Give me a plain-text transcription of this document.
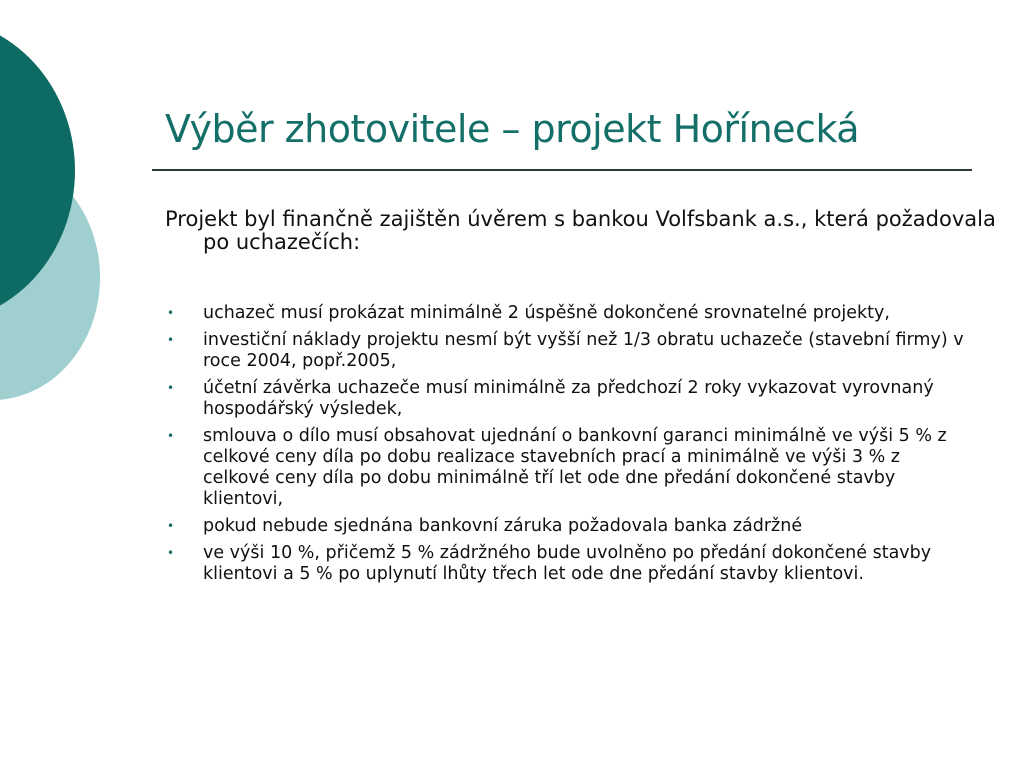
Výběr zhotovitele – projekt Hořínecká

Projekt byl finančně zajištěn úvěrem s bankou Volfsbank a.s., která požadovala po uchazečích:

• uchazeč musí prokázat minimálně 2 úspěšně dokončené srovnatelné projekty,
• investiční náklady projektu nesmí být vyšší než 1/3 obratu uchazeče (stavební firmy) v roce 2004, popř.2005,
• účetní závěrka uchazeče musí minimálně za předchozí 2 roky vykazovat vyrovnaný hospodářský výsledek,
• smlouva o dílo musí obsahovat ujednání o bankovní garanci minimálně ve výši 5 % z celkové ceny díla po dobu realizace stavebních prací a minimálně ve výši 3 % z celkové ceny díla po dobu minimálně tří let ode dne předání dokončené stavby klientovi,
• pokud nebude sjednána bankovní záruka požadovala banka zádržné
• ve výši 10 %, přičemž 5 % zádržného bude uvolněno po předání dokončené stavby klientovi a 5 % po uplynutí lhůty třech let ode dne předání stavby klientovi.
